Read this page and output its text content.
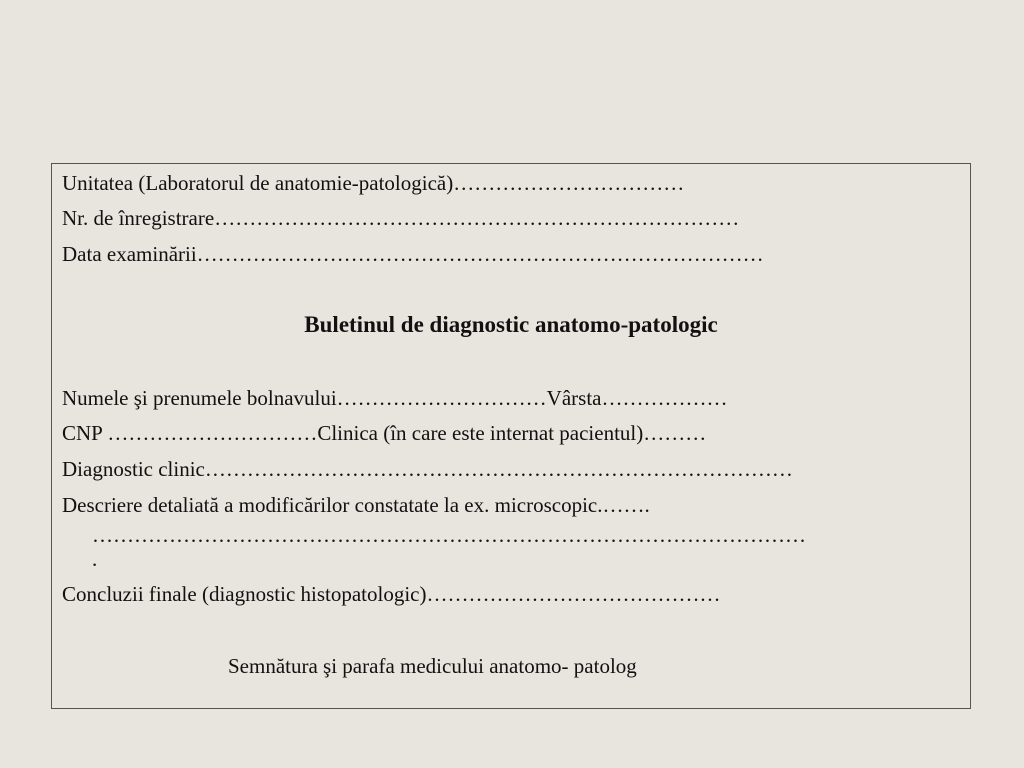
Unitatea (Laboratorul de anatomie-patologică)……………………………
Nr. de înregistrare…………………………………………………………………
Data examinării………………………………………………………………………
Buletinul de diagnostic anatomo-patologic
Numele şi prenumele bolnavului…………………………Vârsta………………
CNP …………………………Clinica (în care este internat pacientul)………
Diagnostic clinic…………………………………………………………………………
Descriere detaliată a modificărilor constatate la ex. microscopic.…….
…………………………………………………………………………………………
.
Concluzii finale (diagnostic histopatologic)……………………………………
Semnătura şi parafa medicului anatomo- patolog
